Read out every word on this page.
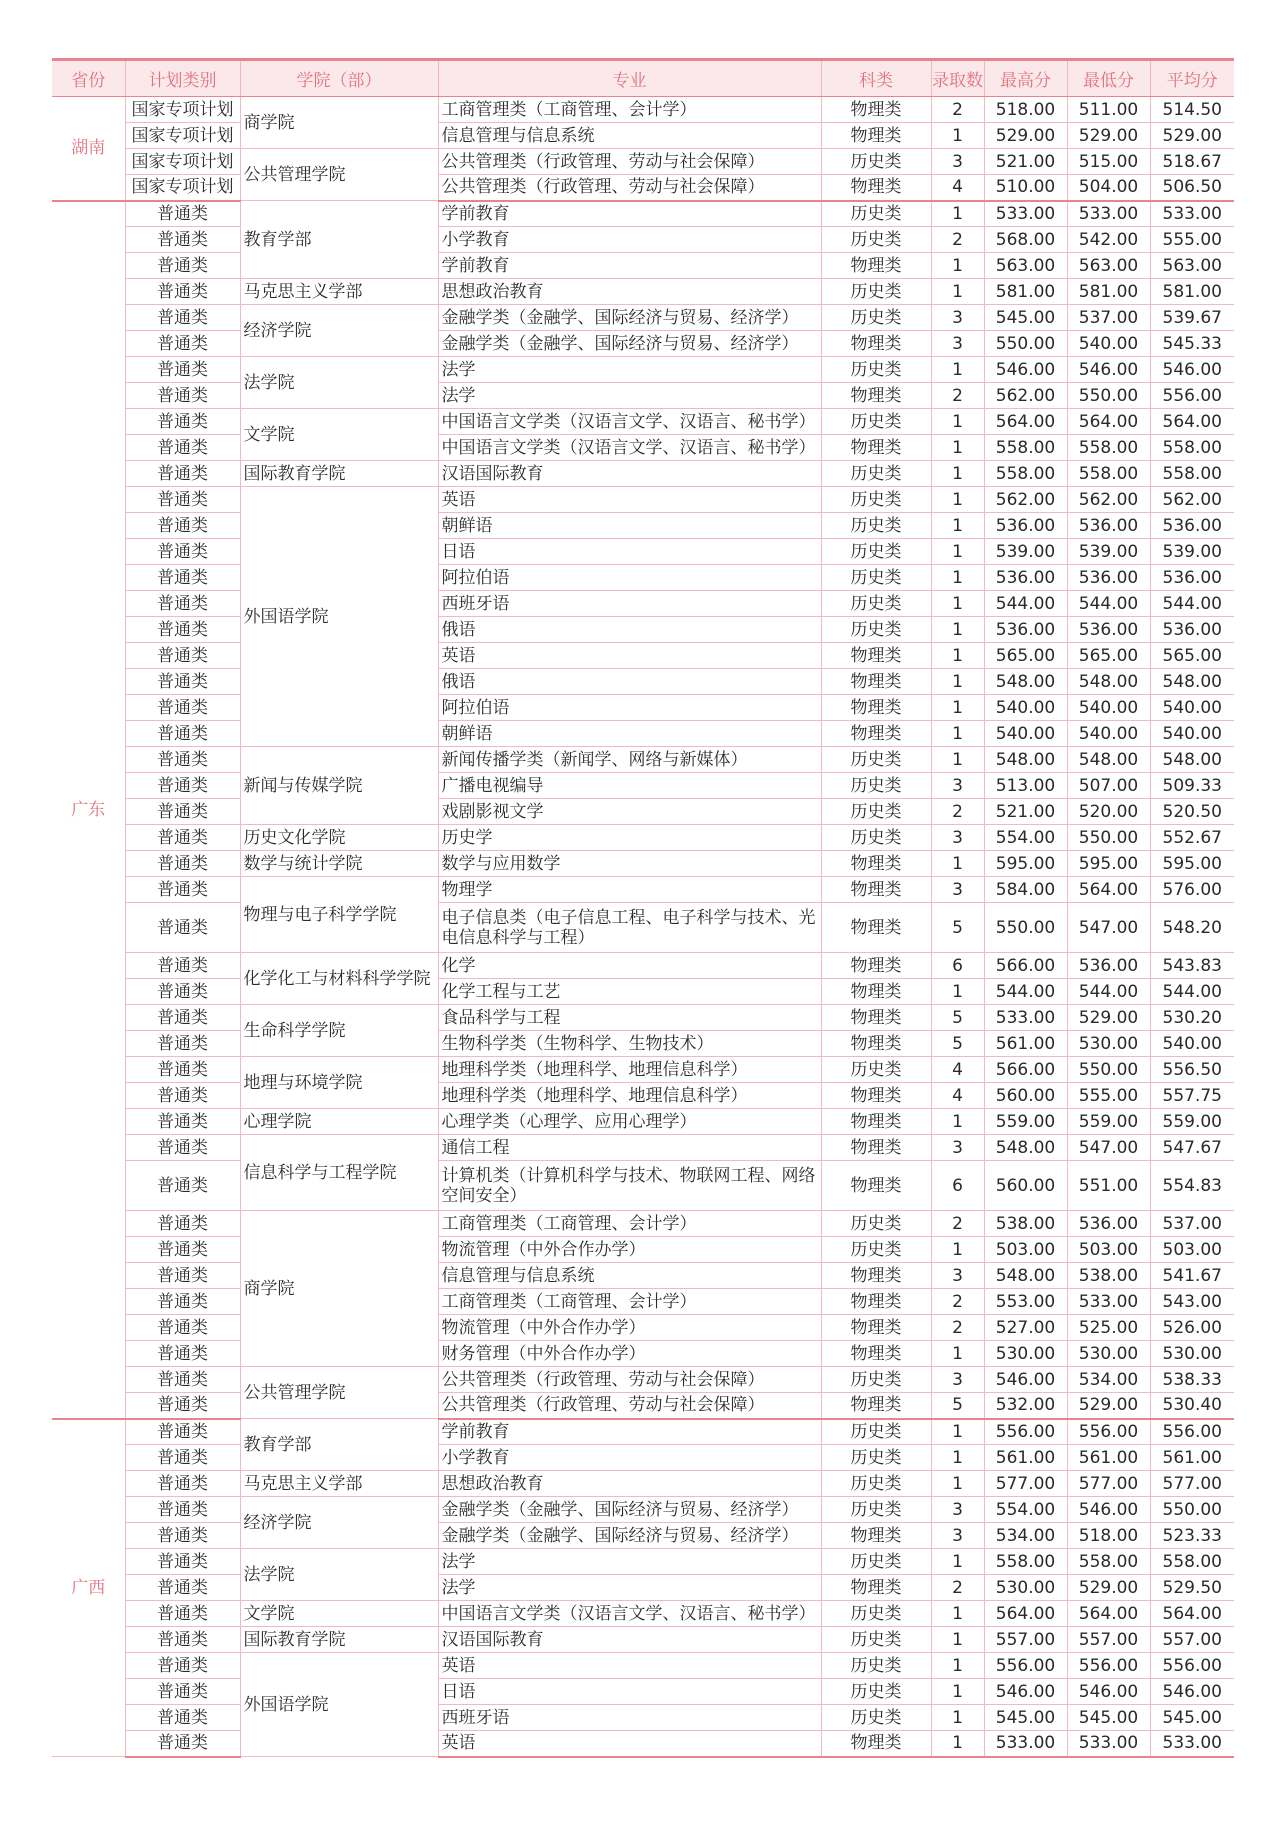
省份	计划类别	学院（部）	专业	科类	录取数	最高分	最低分	平均分
湖南	国家专项计划	商学院	工商管理类（工商管理、会计学）	物理类	2	518.00	511.00	514.50
	国家专项计划		信息管理与信息系统	物理类	1	529.00	529.00	529.00
	国家专项计划	公共管理学院	公共管理类（行政管理、劳动与社会保障）	历史类	3	521.00	515.00	518.67
	国家专项计划		公共管理类（行政管理、劳动与社会保障）	物理类	4	510.00	504.00	506.50
广东	普通类	教育学部	学前教育	历史类	1	533.00	533.00	533.00
	普通类		小学教育	历史类	2	568.00	542.00	555.00
	普通类		学前教育	物理类	1	563.00	563.00	563.00
	普通类	马克思主义学部	思想政治教育	历史类	1	581.00	581.00	581.00
	普通类	经济学院	金融学类（金融学、国际经济与贸易、经济学）	历史类	3	545.00	537.00	539.67
	普通类		金融学类（金融学、国际经济与贸易、经济学）	物理类	3	550.00	540.00	545.33
	普通类	法学院	法学	历史类	1	546.00	546.00	546.00
	普通类		法学	物理类	2	562.00	550.00	556.00
	普通类	文学院	中国语言文学类（汉语言文学、汉语言、秘书学）	历史类	1	564.00	564.00	564.00
	普通类		中国语言文学类（汉语言文学、汉语言、秘书学）	物理类	1	558.00	558.00	558.00
	普通类	国际教育学院	汉语国际教育	历史类	1	558.00	558.00	558.00
	普通类	外国语学院	英语	历史类	1	562.00	562.00	562.00
	普通类		朝鲜语	历史类	1	536.00	536.00	536.00
	普通类		日语	历史类	1	539.00	539.00	539.00
	普通类		阿拉伯语	历史类	1	536.00	536.00	536.00
	普通类		西班牙语	历史类	1	544.00	544.00	544.00
	普通类		俄语	历史类	1	536.00	536.00	536.00
	普通类		英语	物理类	1	565.00	565.00	565.00
	普通类		俄语	物理类	1	548.00	548.00	548.00
	普通类		阿拉伯语	物理类	1	540.00	540.00	540.00
	普通类		朝鲜语	物理类	1	540.00	540.00	540.00
	普通类	新闻与传媒学院	新闻传播学类（新闻学、网络与新媒体）	历史类	1	548.00	548.00	548.00
	普通类		广播电视编导	历史类	3	513.00	507.00	509.33
	普通类		戏剧影视文学	历史类	2	521.00	520.00	520.50
	普通类	历史文化学院	历史学	历史类	3	554.00	550.00	552.67
	普通类	数学与统计学院	数学与应用数学	物理类	1	595.00	595.00	595.00
	普通类	物理与电子科学学院	物理学	物理类	3	584.00	564.00	576.00
	普通类		电子信息类（电子信息工程、电子科学与技术、光电信息科学与工程）	物理类	5	550.00	547.00	548.20
	普通类	化学化工与材料科学学院	化学	物理类	6	566.00	536.00	543.83
	普通类		化学工程与工艺	物理类	1	544.00	544.00	544.00
	普通类	生命科学学院	食品科学与工程	物理类	5	533.00	529.00	530.20
	普通类		生物科学类（生物科学、生物技术）	物理类	5	561.00	530.00	540.00
	普通类	地理与环境学院	地理科学类（地理科学、地理信息科学）	历史类	4	566.00	550.00	556.50
	普通类		地理科学类（地理科学、地理信息科学）	物理类	4	560.00	555.00	557.75
	普通类	心理学院	心理学类（心理学、应用心理学）	物理类	1	559.00	559.00	559.00
	普通类	信息科学与工程学院	通信工程	物理类	3	548.00	547.00	547.67
	普通类		计算机类（计算机科学与技术、物联网工程、网络空间安全）	物理类	6	560.00	551.00	554.83
	普通类	商学院	工商管理类（工商管理、会计学）	历史类	2	538.00	536.00	537.00
	普通类		物流管理（中外合作办学）	历史类	1	503.00	503.00	503.00
	普通类		信息管理与信息系统	物理类	3	548.00	538.00	541.67
	普通类		工商管理类（工商管理、会计学）	物理类	2	553.00	533.00	543.00
	普通类		物流管理（中外合作办学）	物理类	2	527.00	525.00	526.00
	普通类		财务管理（中外合作办学）	物理类	1	530.00	530.00	530.00
	普通类	公共管理学院	公共管理类（行政管理、劳动与社会保障）	历史类	3	546.00	534.00	538.33
	普通类		公共管理类（行政管理、劳动与社会保障）	物理类	5	532.00	529.00	530.40
广西	普通类	教育学部	学前教育	历史类	1	556.00	556.00	556.00
	普通类		小学教育	历史类	1	561.00	561.00	561.00
	普通类	马克思主义学部	思想政治教育	历史类	1	577.00	577.00	577.00
	普通类	经济学院	金融学类（金融学、国际经济与贸易、经济学）	历史类	3	554.00	546.00	550.00
	普通类		金融学类（金融学、国际经济与贸易、经济学）	物理类	3	534.00	518.00	523.33
	普通类	法学院	法学	历史类	1	558.00	558.00	558.00
	普通类		法学	物理类	2	530.00	529.00	529.50
	普通类	文学院	中国语言文学类（汉语言文学、汉语言、秘书学）	历史类	1	564.00	564.00	564.00
	普通类	国际教育学院	汉语国际教育	历史类	1	557.00	557.00	557.00
	普通类	外国语学院	英语	历史类	1	556.00	556.00	556.00
	普通类		日语	历史类	1	546.00	546.00	546.00
	普通类		西班牙语	历史类	1	545.00	545.00	545.00
	普通类		英语	物理类	1	533.00	533.00	533.00
